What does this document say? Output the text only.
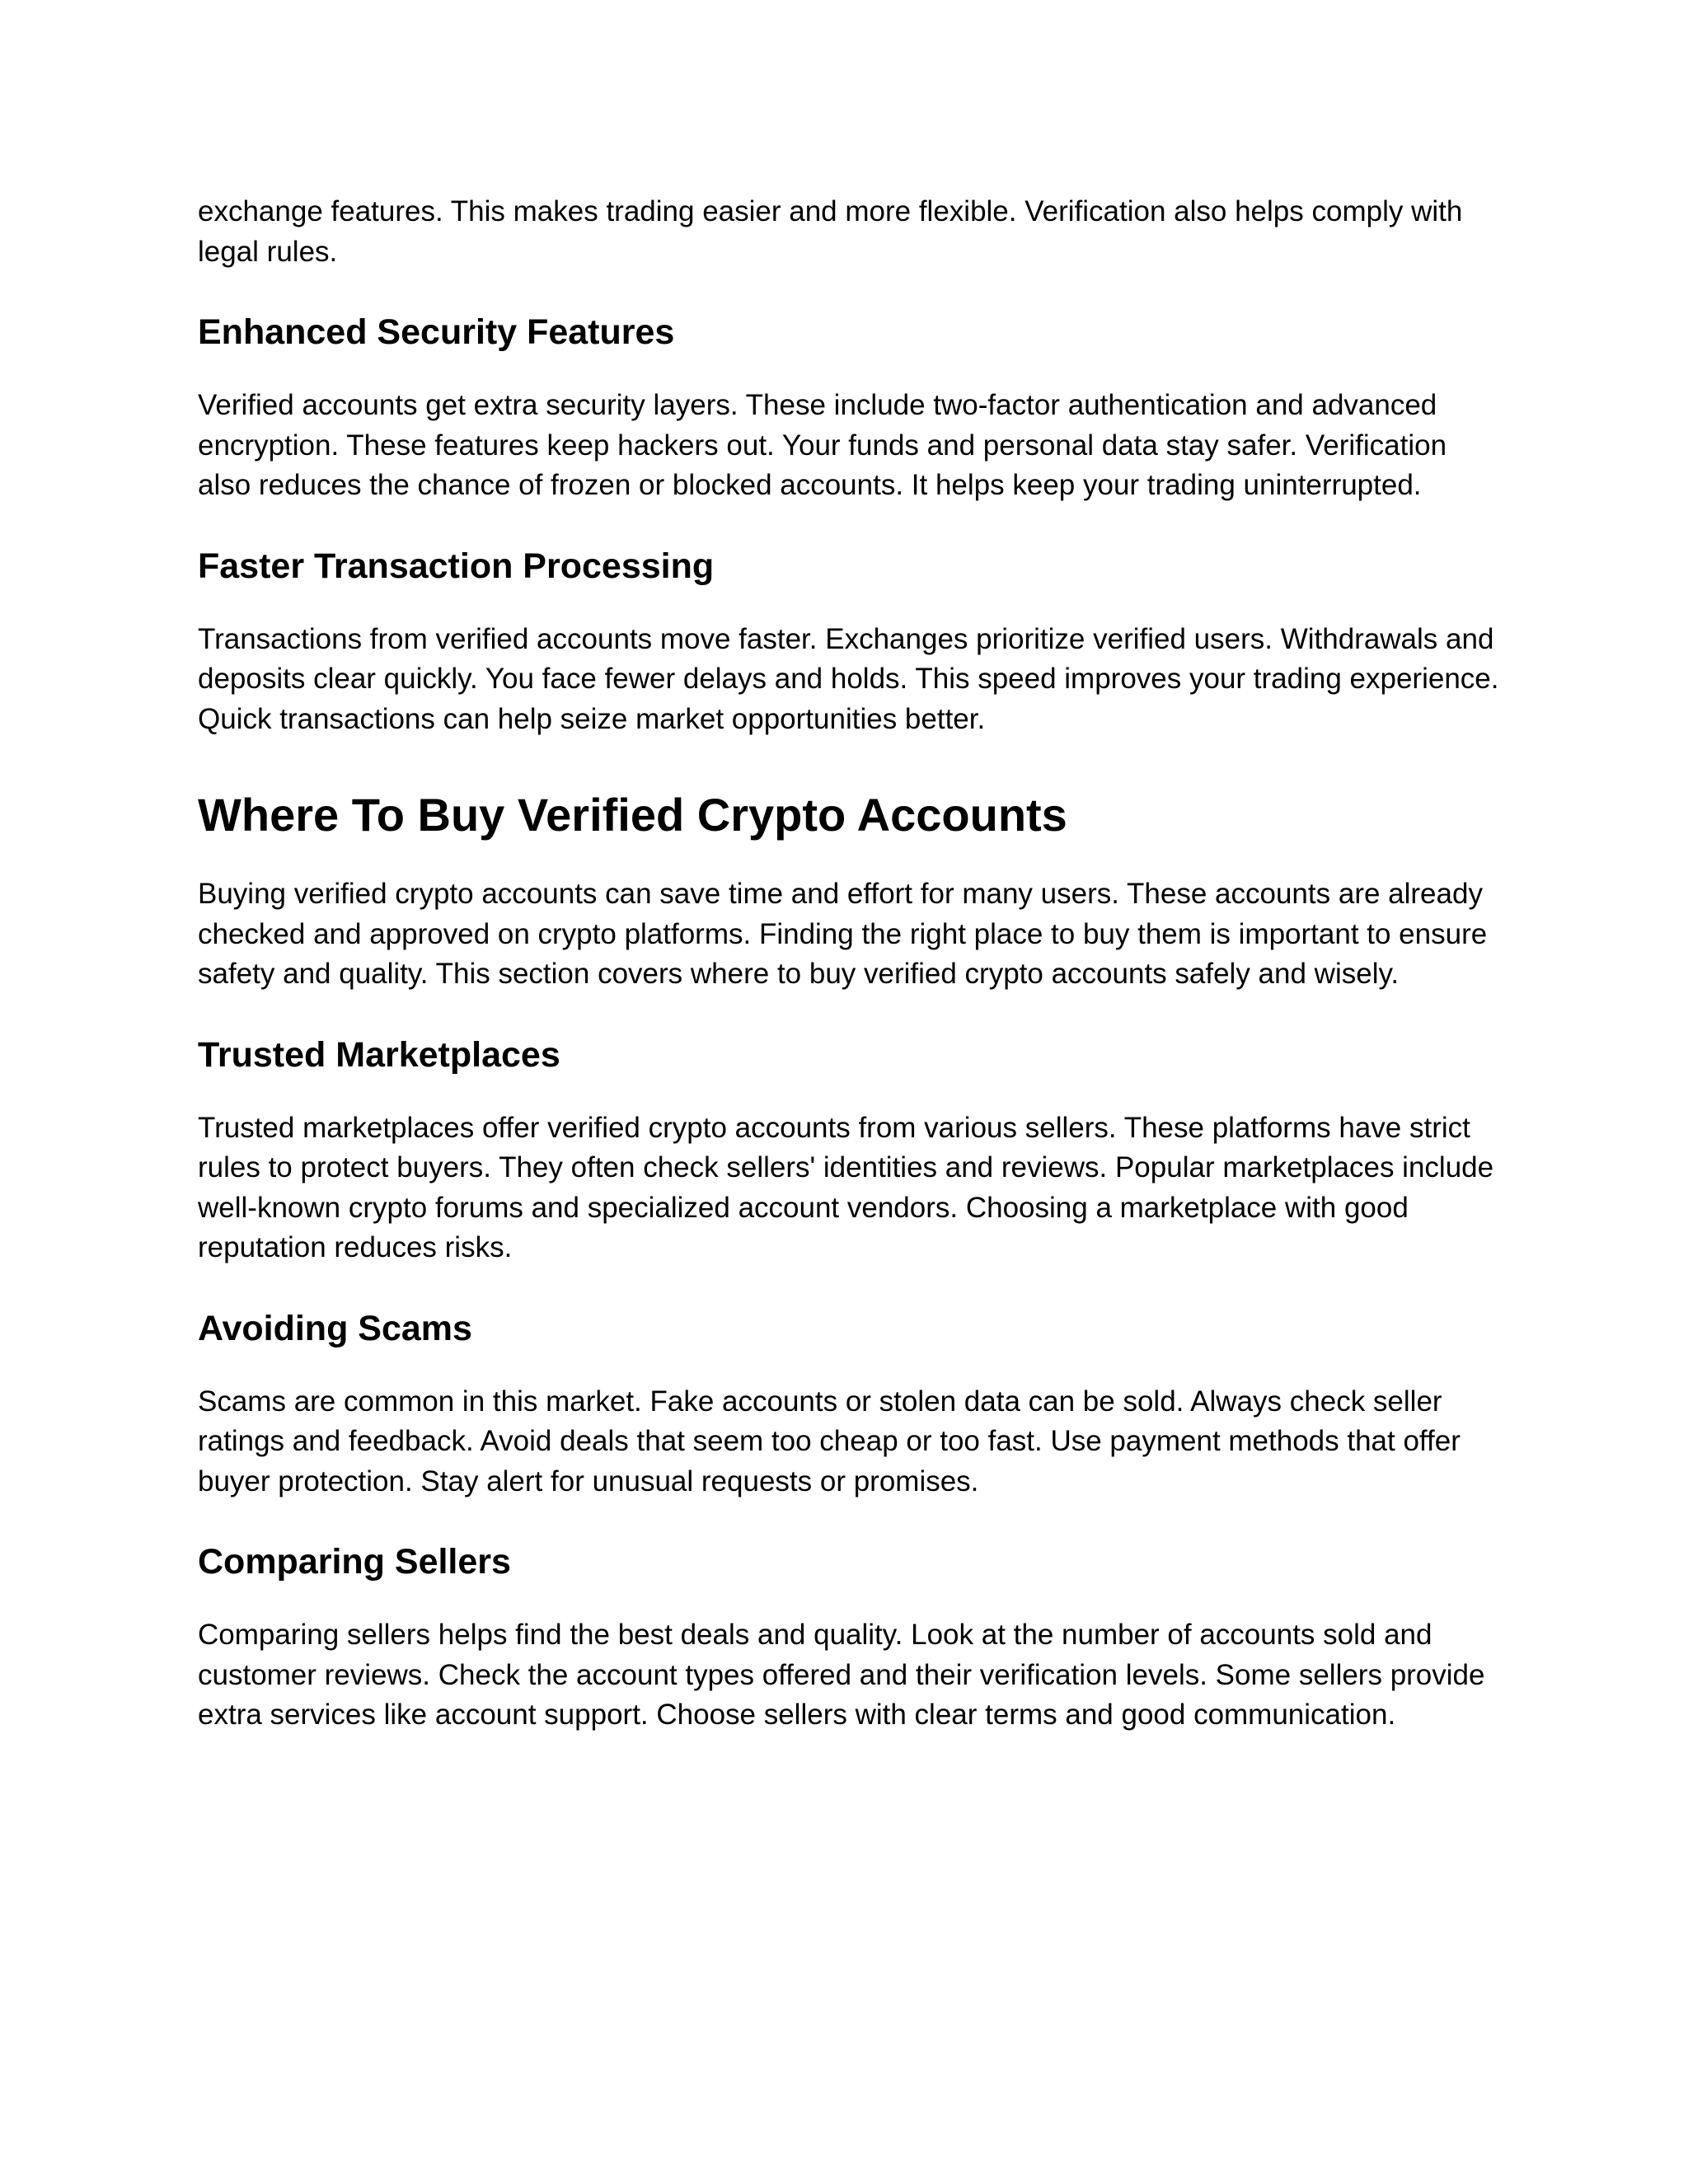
exchange features. This makes trading easier and more flexible. Verification also helps comply with legal rules.

Enhanced Security Features

Verified accounts get extra security layers. These include two-factor authentication and advanced encryption. These features keep hackers out. Your funds and personal data stay safer. Verification also reduces the chance of frozen or blocked accounts. It helps keep your trading uninterrupted.

Faster Transaction Processing

Transactions from verified accounts move faster. Exchanges prioritize verified users. Withdrawals and deposits clear quickly. You face fewer delays and holds. This speed improves your trading experience. Quick transactions can help seize market opportunities better.

Where To Buy Verified Crypto Accounts

Buying verified crypto accounts can save time and effort for many users. These accounts are already checked and approved on crypto platforms. Finding the right place to buy them is important to ensure safety and quality. This section covers where to buy verified crypto accounts safely and wisely.

Trusted Marketplaces

Trusted marketplaces offer verified crypto accounts from various sellers. These platforms have strict rules to protect buyers. They often check sellers' identities and reviews. Popular marketplaces include well-known crypto forums and specialized account vendors. Choosing a marketplace with good reputation reduces risks.

Avoiding Scams

Scams are common in this market. Fake accounts or stolen data can be sold. Always check seller ratings and feedback. Avoid deals that seem too cheap or too fast. Use payment methods that offer buyer protection. Stay alert for unusual requests or promises.

Comparing Sellers

Comparing sellers helps find the best deals and quality. Look at the number of accounts sold and customer reviews. Check the account types offered and their verification levels. Some sellers provide extra services like account support. Choose sellers with clear terms and good communication.
